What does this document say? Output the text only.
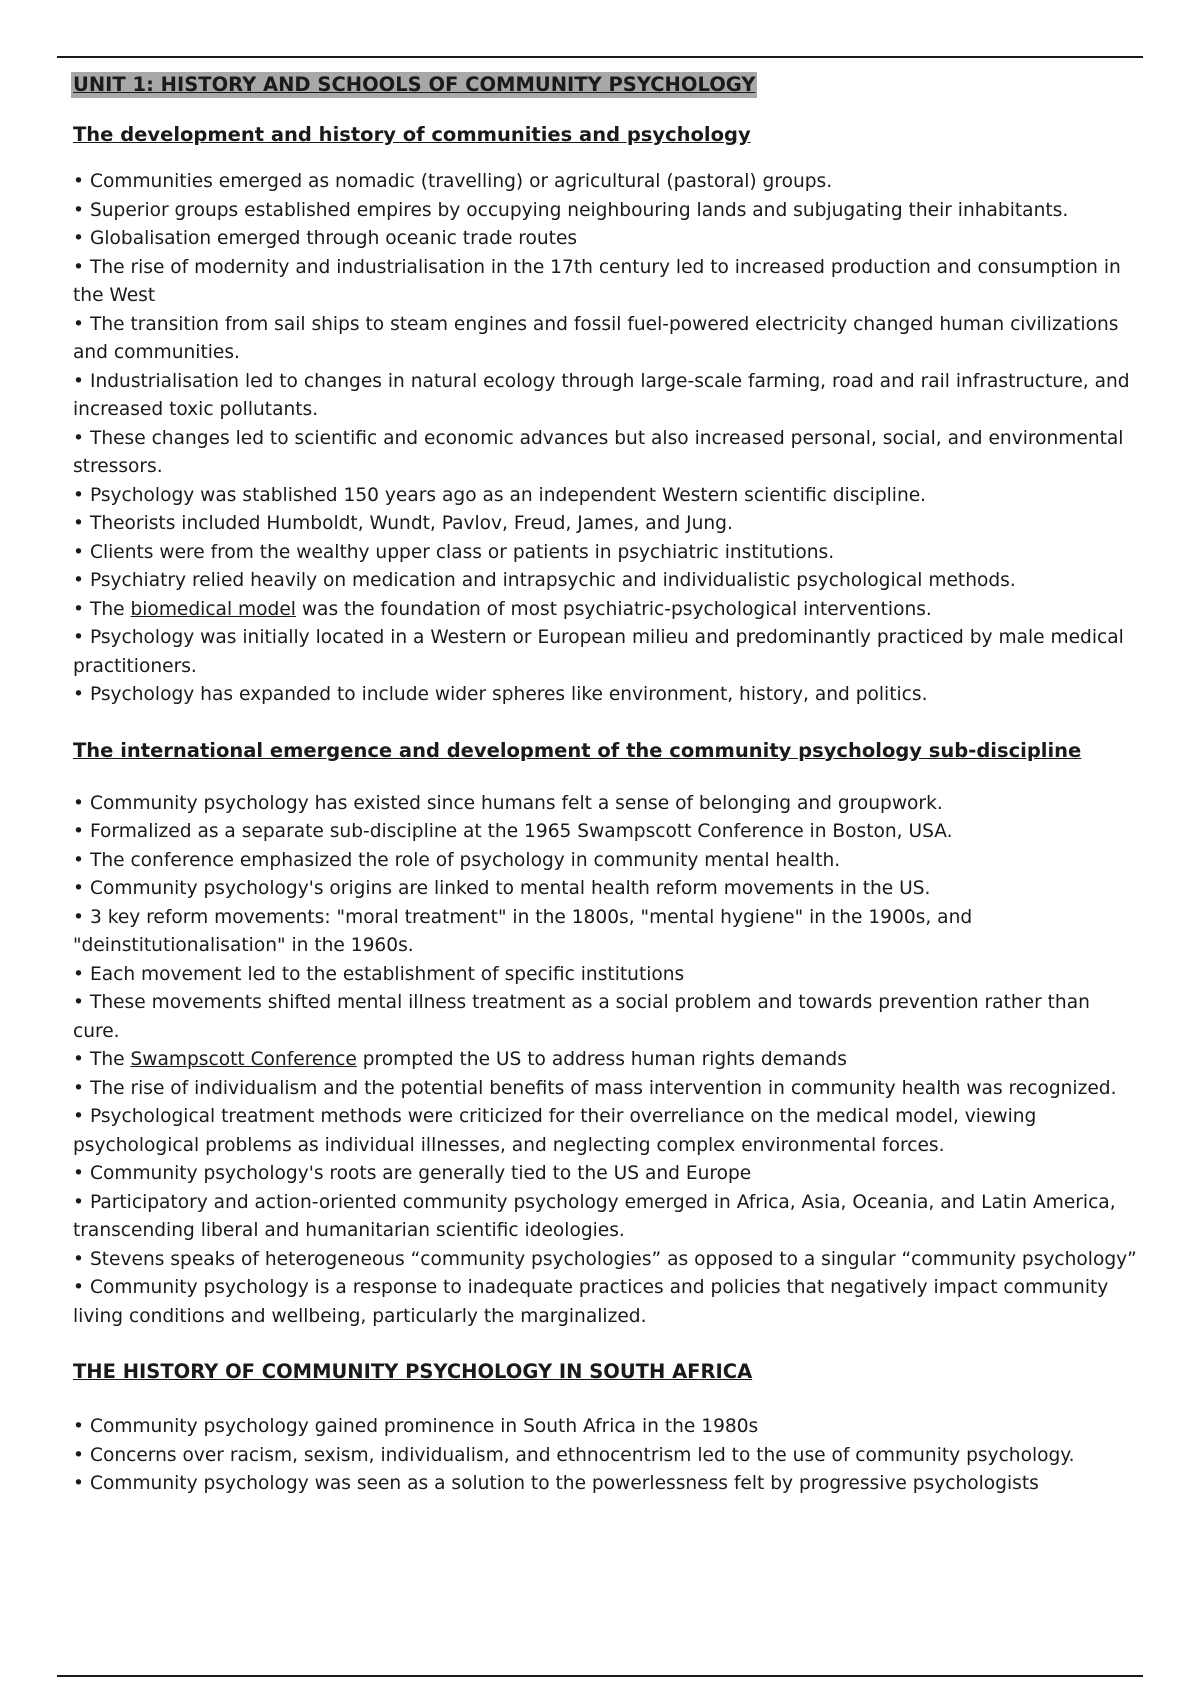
UNIT 1: HISTORY AND SCHOOLS OF COMMUNITY PSYCHOLOGY
The development and history of communities and psychology
• Communities emerged as nomadic (travelling) or agricultural (pastoral) groups.
• Superior groups established empires by occupying neighbouring lands and subjugating their inhabitants.
• Globalisation emerged through oceanic trade routes
• The rise of modernity and industrialisation in the 17th century led to increased production and consumption in the West
• The transition from sail ships to steam engines and fossil fuel-powered electricity changed human civilizations and communities.
• Industrialisation led to changes in natural ecology through large-scale farming, road and rail infrastructure, and increased toxic pollutants.
• These changes led to scientific and economic advances but also increased personal, social, and environmental stressors.
• Psychology was stablished 150 years ago as an independent Western scientific discipline.
• Theorists included Humboldt, Wundt, Pavlov, Freud, James, and Jung.
• Clients were from the wealthy upper class or patients in psychiatric institutions.
• Psychiatry relied heavily on medication and intrapsychic and individualistic psychological methods.
• The biomedical model was the foundation of most psychiatric-psychological interventions.
• Psychology was initially located in a Western or European milieu and predominantly practiced by male medical practitioners.
• Psychology has expanded to include wider spheres like environment, history, and politics.
The international emergence and development of the community psychology sub-discipline
• Community psychology has existed since humans felt a sense of belonging and groupwork.
• Formalized as a separate sub-discipline at the 1965 Swampscott Conference in Boston, USA.
• The conference emphasized the role of psychology in community mental health.
• Community psychology's origins are linked to mental health reform movements in the US.
• 3 key reform movements: "moral treatment" in the 1800s, "mental hygiene" in the 1900s, and "deinstitutionalisation" in the 1960s.
• Each movement led to the establishment of specific institutions
• These movements shifted mental illness treatment as a social problem and towards prevention rather than cure.
• The Swampscott Conference prompted the US to address human rights demands
• The rise of individualism and the potential benefits of mass intervention in community health was recognized.
• Psychological treatment methods were criticized for their overreliance on the medical model, viewing psychological problems as individual illnesses, and neglecting complex environmental forces.
• Community psychology's roots are generally tied to the US and Europe
• Participatory and action-oriented community psychology emerged in Africa, Asia, Oceania, and Latin America, transcending liberal and humanitarian scientific ideologies.
• Stevens speaks of heterogeneous “community psychologies” as opposed to a singular “community psychology”
• Community psychology is a response to inadequate practices and policies that negatively impact community living conditions and wellbeing, particularly the marginalized.
THE HISTORY OF COMMUNITY PSYCHOLOGY IN SOUTH AFRICA
• Community psychology gained prominence in South Africa in the 1980s
• Concerns over racism, sexism, individualism, and ethnocentrism led to the use of community psychology.
• Community psychology was seen as a solution to the powerlessness felt by progressive psychologists
